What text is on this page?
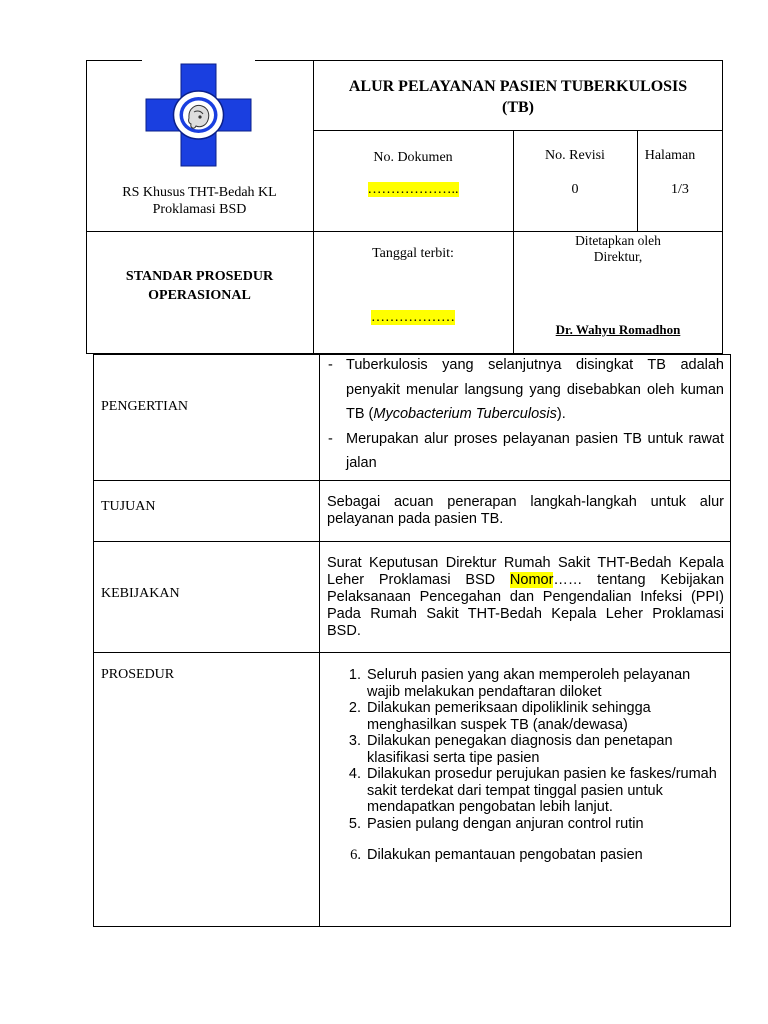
RS Khusus THT-Bedah KL
Proklamasi BSD
ALUR PELAYANAN PASIEN TUBERKULOSIS
(TB)
No. Dokumen
………………..
No. Revisi
0
Halaman
1/3
STANDAR PROSEDUR
OPERASIONAL
Tanggal terbit:
………………
Ditetapkan oleh
Direktur,
Dr. Wahyu Romadhon
PENGERTIAN
TUJUAN
KEBIJAKAN
PROSEDUR
- Tuberkulosis yang selanjutnya disingkat TB adalah penyakit menular langsung yang disebabkan oleh kuman TB (Mycobacterium Tuberculosis).
- Merupakan alur proses pelayanan pasien TB untuk rawat jalan
Sebagai acuan penerapan langkah-langkah untuk alur pelayanan pada pasien TB.
Surat Keputusan Direktur Rumah Sakit THT-Bedah Kepala Leher Proklamasi BSD Nomor…… tentang Kebijakan Pelaksanaan Pencegahan dan Pengendalian Infeksi (PPI) Pada Rumah Sakit THT-Bedah Kepala Leher Proklamasi BSD.
1. Seluruh pasien yang akan memperoleh pelayanan wajib melakukan pendaftaran diloket
2. Dilakukan pemeriksaan dipoliklinik sehingga menghasilkan suspek TB (anak/dewasa)
3. Dilakukan penegakan diagnosis dan penetapan klasifikasi serta tipe pasien
4. Dilakukan prosedur perujukan pasien ke faskes/rumah sakit terdekat dari tempat tinggal pasien untuk mendapatkan pengobatan lebih lanjut.
5. Pasien pulang dengan anjuran control rutin
6. Dilakukan pemantauan pengobatan pasien
